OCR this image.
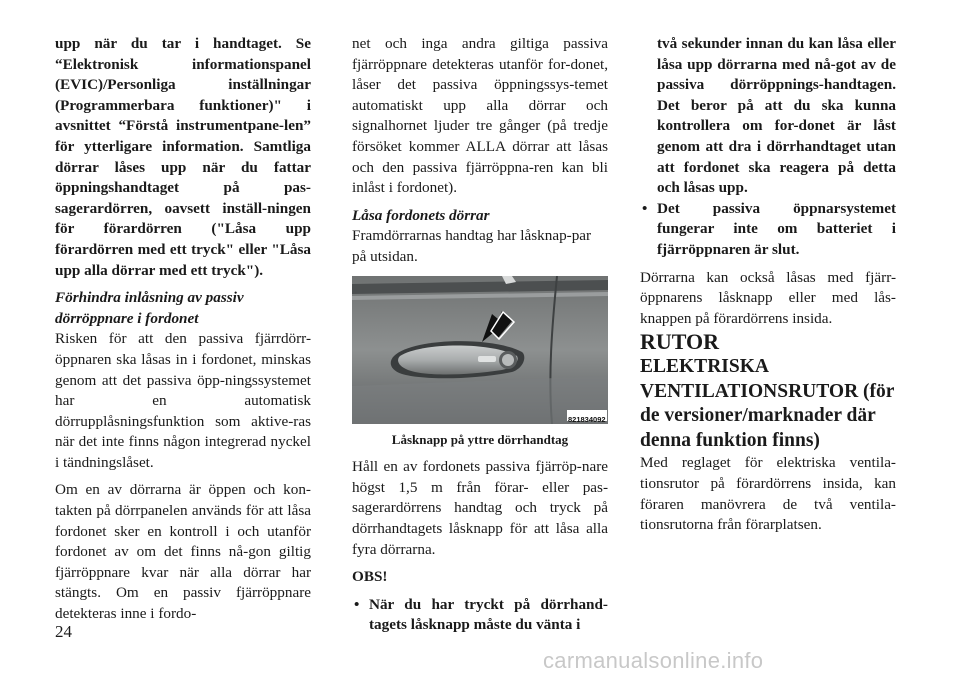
upp när du tar i handtaget. Se “Elektronisk informationspanel (EVIC)/Personliga inställningar (Programmerbara funktioner)" i avsnittet “Förstå instrumentpane-len” för ytterligare information. Samtliga dörrar låses upp när du fattar öppningshandtaget på pas-sagerardörren, oavsett inställ-ningen för förardörren ("Låsa upp förardörren med ett tryck" eller "Låsa upp alla dörrar med ett tryck").

Förhindra inlåsning av passiv dörröppnare i fordonet

Risken för att den passiva fjärrdörr-öppnaren ska låsas in i fordonet, minskas genom att det passiva öpp-ningssystemet har en automatisk dörrupplåsningsfunktion som aktive-ras när det inte finns någon integrerad nyckel i tändningslåset.

Om en av dörrarna är öppen och kon-takten på dörrpanelen används för att låsa fordonet sker en kontroll i och utanför fordonet av om det finns nå-gon giltig fjärröppnare kvar när alla dörrar har stängts. Om en passiv fjärröppnare detekteras inne i fordo-

net och inga andra giltiga passiva fjärröppnare detekteras utanför for-donet, låser det passiva öppningssys-temet automatiskt upp alla dörrar och signalhornet ljuder tre gånger (på tredje försöket kommer ALLA dörrar att låsas och den passiva fjärröppna-ren kan bli inlåst i fordonet).

Låsa fordonets dörrar

Framdörrarnas handtag har låsknap-par på utsidan.

821834092

Låsknapp på yttre dörrhandtag

Håll en av fordonets passiva fjärröp-nare högst 1,5 m från förar- eller pas-sagerardörrens handtag och tryck på dörrhandtagets låsknapp för att låsa alla fyra dörrarna.

OBS!

• När du har tryckt på dörrhand-tagets låsknapp måste du vänta i

två sekunder innan du kan låsa eller låsa upp dörrarna med nå-got av de passiva dörröppnings-handtagen. Det beror på att du ska kunna kontrollera om for-donet är låst genom att dra i dörrhandtaget utan att fordonet ska reagera på detta och låsas upp.

• Det passiva öppnarsystemet fungerar inte om batteriet i fjärröppnaren är slut.

Dörrarna kan också låsas med fjärr-öppnarens låsknapp eller med lås-knappen på förardörrens insida.

RUTOR

ELEKTRISKA VENTILATIONSRUTOR (för de versioner/marknader där denna funktion finns)

Med reglaget för elektriska ventila-tionsrutor på förardörrens insida, kan föraren manövrera de två ventila-tionsrutorna från förarplatsen.

24
carmanualsonline.info
